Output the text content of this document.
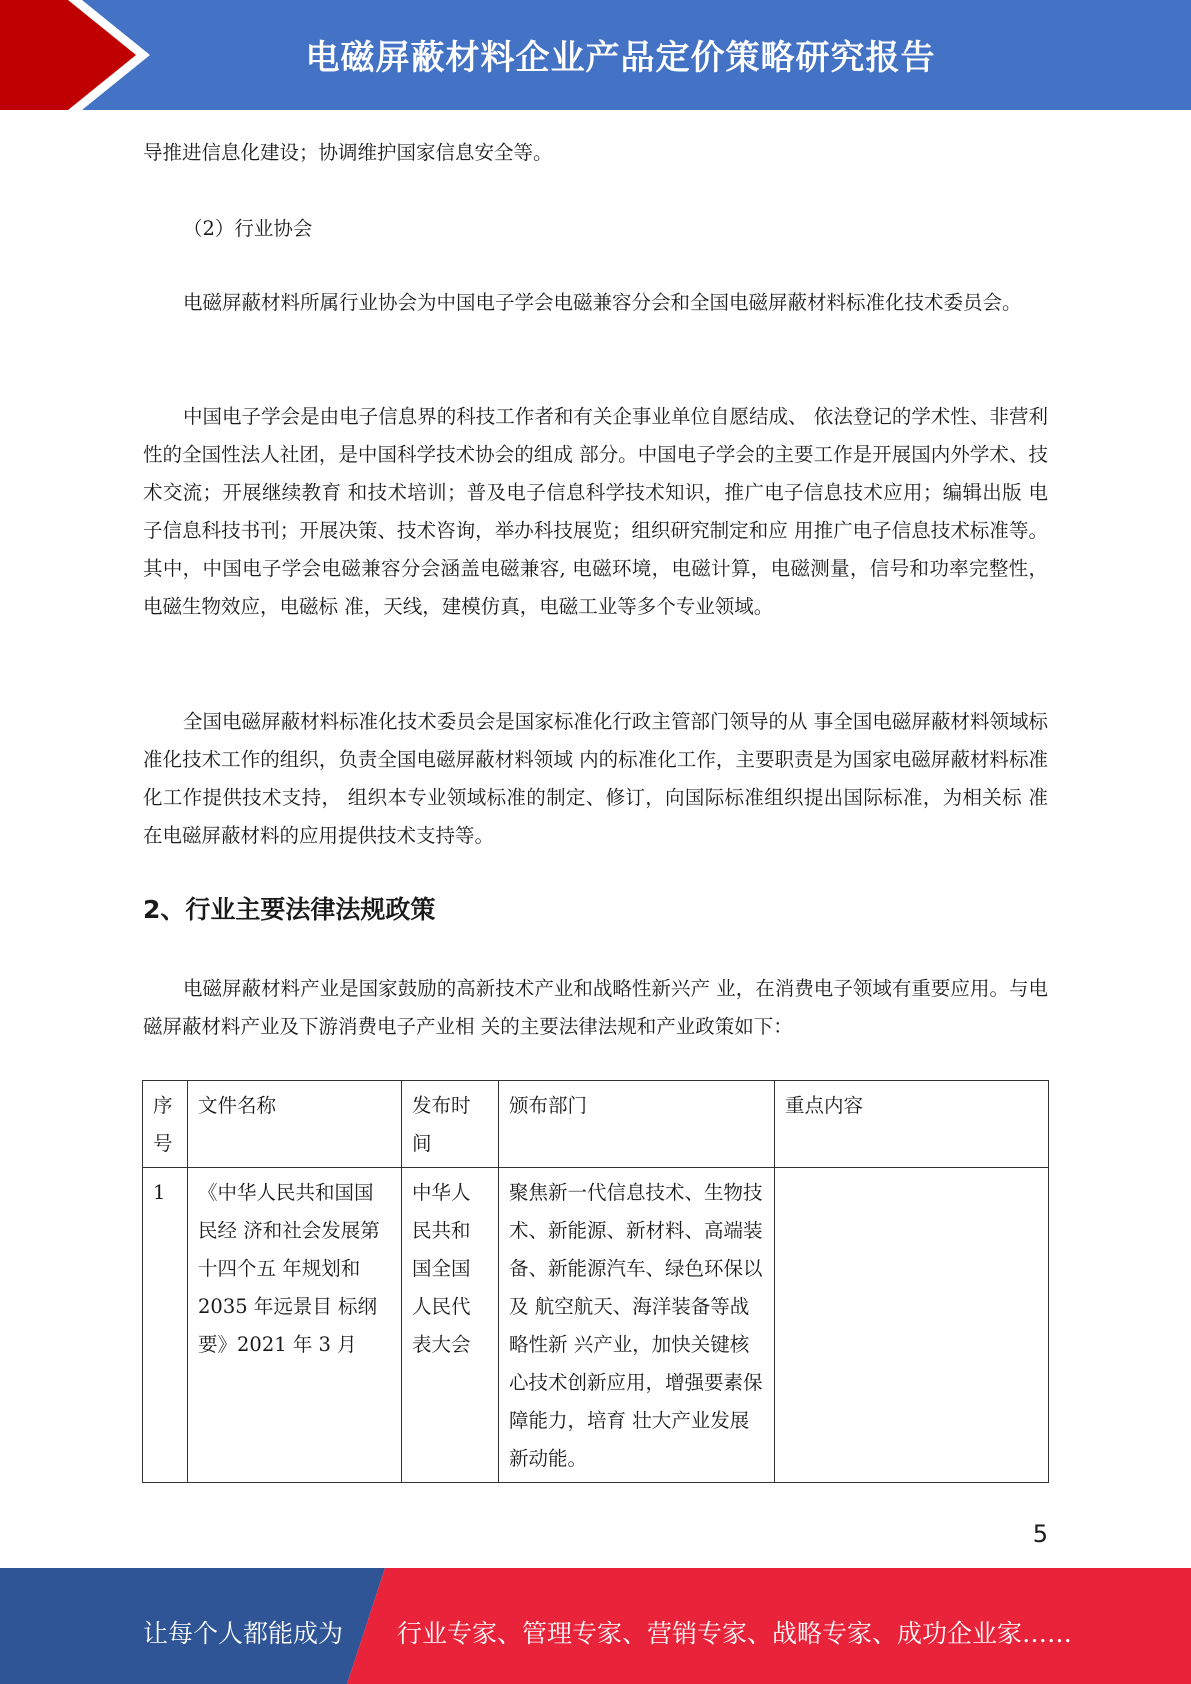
电磁屏蔽材料企业产品定价策略研究报告

导推进信息化建设；协调维护国家信息安全等。

（2）行业协会

电磁屏蔽材料所属行业协会为中国电子学会电磁兼容分会和全国电磁屏蔽材料标准化技术委员会。

中国电子学会是由电子信息界的科技工作者和有关企事业单位自愿结成、 依法登记的学术性、非营利性的全国性法人社团，是中国科学技术协会的组成 部分。中国电子学会的主要工作是开展国内外学术、技术交流；开展继续教育 和技术培训；普及电子信息科学技术知识，推广电子信息技术应用；编辑出版 电子信息科技书刊；开展决策、技术咨询，举办科技展览；组织研究制定和应 用推广电子信息技术标准等。其中，中国电子学会电磁兼容分会涵盖电磁兼容, 电磁环境，电磁计算，电磁测量，信号和功率完整性，电磁生物效应，电磁标 准，天线，建模仿真，电磁工业等多个专业领域。

全国电磁屏蔽材料标准化技术委员会是国家标准化行政主管部门领导的从 事全国电磁屏蔽材料领域标准化技术工作的组织，负责全国电磁屏蔽材料领域 内的标准化工作，主要职责是为国家电磁屏蔽材料标准化工作提供技术支持， 组织本专业领域标准的制定、修订，向国际标准组织提出国际标准，为相关标 准在电磁屏蔽材料的应用提供技术支持等。

2、行业主要法律法规政策

电磁屏蔽材料产业是国家鼓励的高新技术产业和战略性新兴产 业，在消费电子领域有重要应用。与电磁屏蔽材料产业及下游消费电子产业相 关的主要法律法规和产业政策如下：

序号	文件名称	发布时间	颁布部门	重点内容
1	《中华人民共和国国民经 济和社会发展第十四个五 年规划和 2035 年远景目 标纲要》2021 年 3 月	中华人民共和国全国人民代表大会	聚焦新一代信息技术、生物技 术、新能源、新材料、高端装 备、新能源汽车、绿色环保以及 航空航天、海洋装备等战略性新 兴产业，加快关键核心技术创新应用，增强要素保障能力，培育 壮大产业发展新动能。	
5
让每个人都能成为 行业专家、管理专家、营销专家、战略专家、成功企业家……
